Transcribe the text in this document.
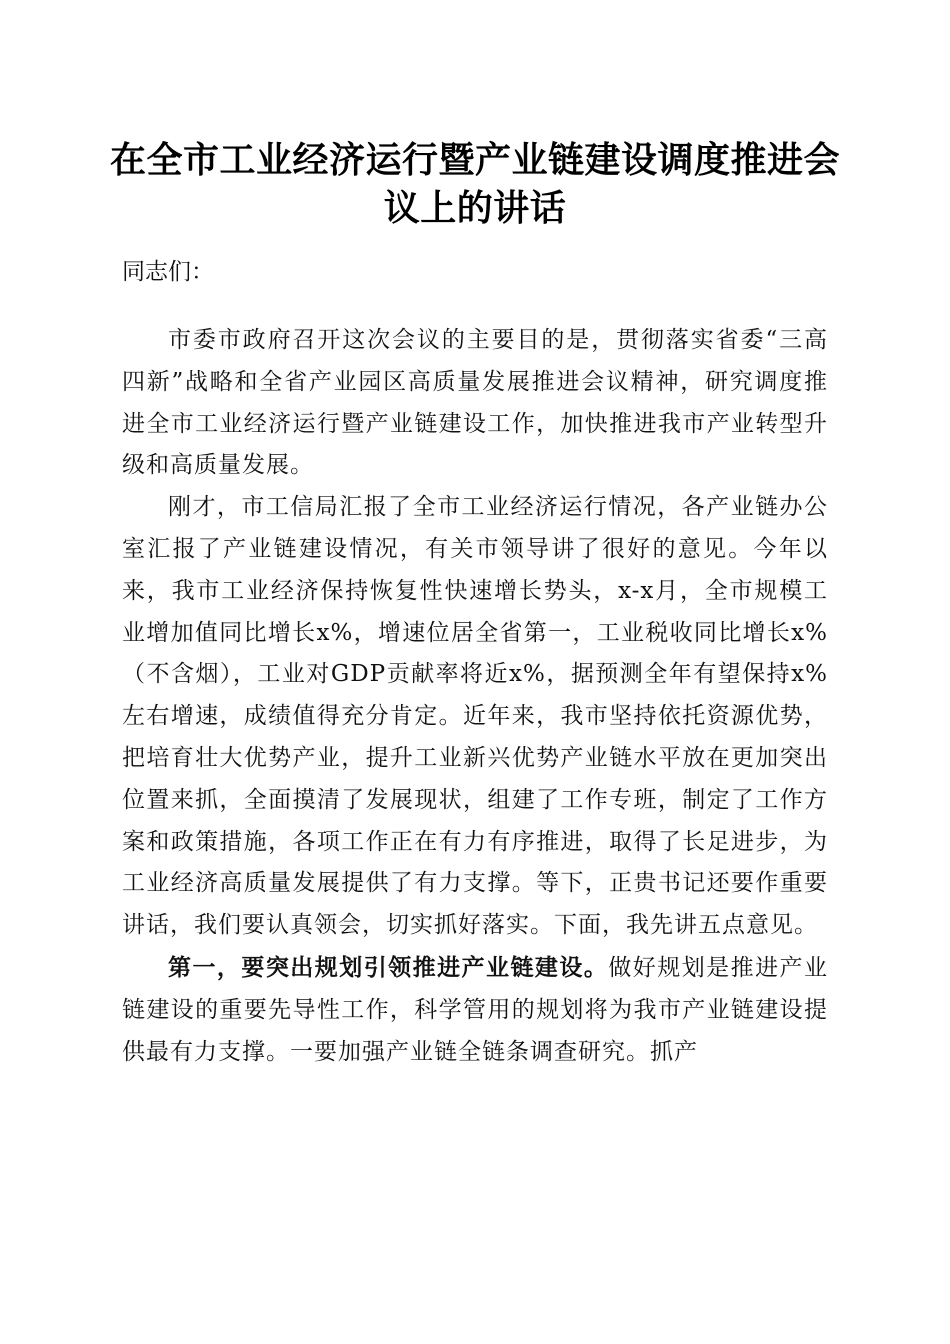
在全市工业经济运行暨产业链建设调度推进会议上的讲话

同志们：

市委市政府召开这次会议的主要目的是，贯彻落实省委“三高四新”战略和全省产业园区高质量发展推进会议精神，研究调度推进全市工业经济运行暨产业链建设工作，加快推进我市产业转型升级和高质量发展。

刚才，市工信局汇报了全市工业经济运行情况，各产业链办公室汇报了产业链建设情况，有关市领导讲了很好的意见。今年以来，我市工业经济保持恢复性快速增长势头，x-x月，全市规模工业增加值同比增长x%，增速位居全省第一，工业税收同比增长x%（不含烟），工业对GDP贡献率将近x%，据预测全年有望保持x%左右增速，成绩值得充分肯定。近年来，我市坚持依托资源优势，把培育壮大优势产业，提升工业新兴优势产业链水平放在更加突出位置来抓，全面摸清了发展现状，组建了工作专班，制定了工作方案和政策措施，各项工作正在有力有序推进，取得了长足进步，为工业经济高质量发展提供了有力支撑。等下，正贵书记还要作重要讲话，我们要认真领会，切实抓好落实。下面，我先讲五点意见。

第一，要突出规划引领推进产业链建设。做好规划是推进产业链建设的重要先导性工作，科学管用的规划将为我市产业链建设提供最有力支撑。一要加强产业链全链条调查研究。抓产
